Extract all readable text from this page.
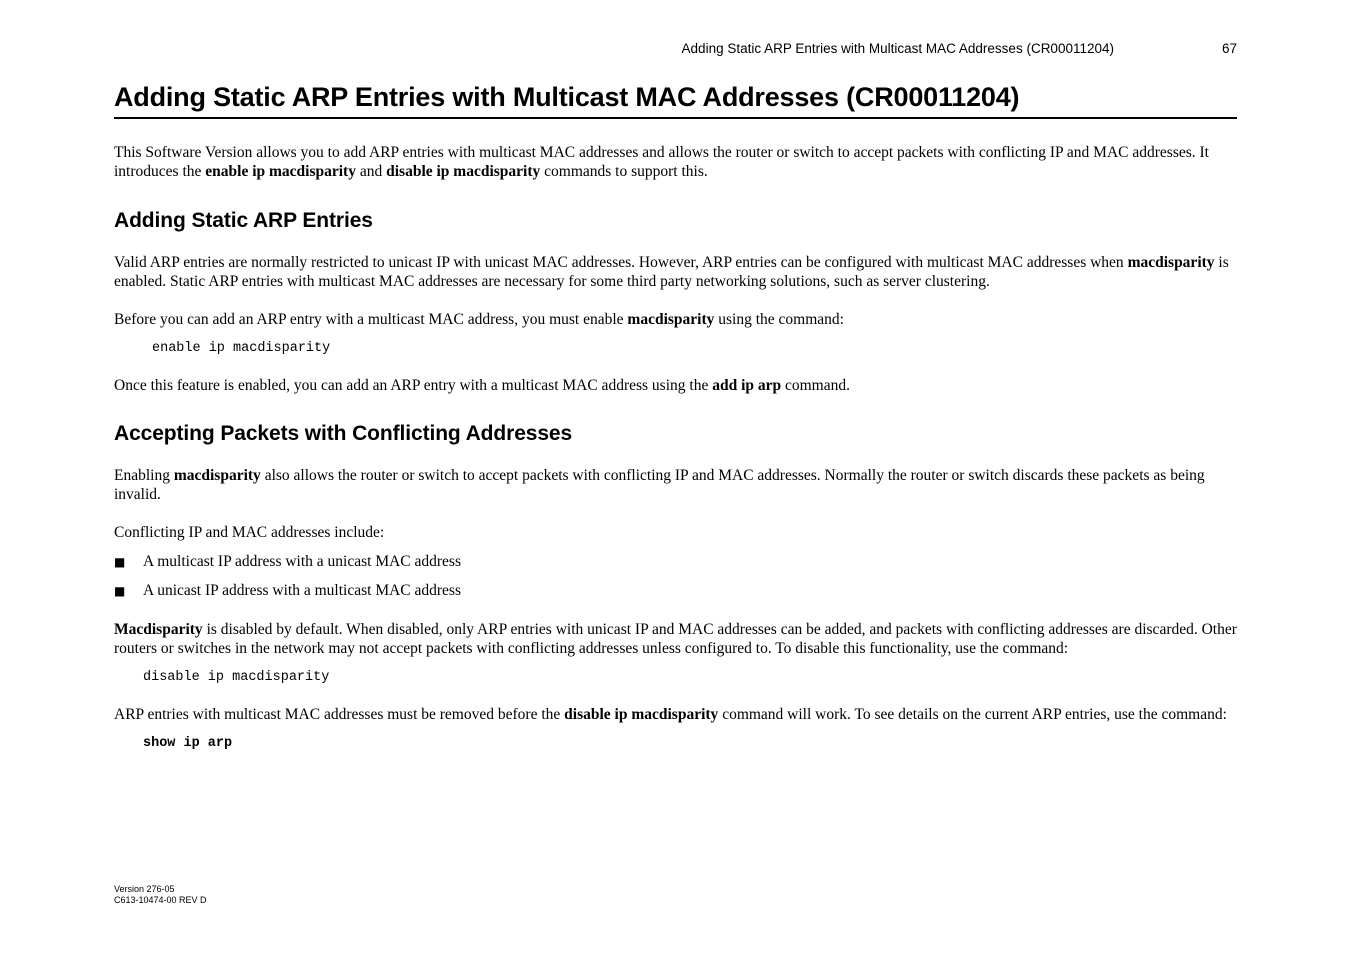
Adding Static ARP Entries with Multicast MAC Addresses (CR00011204)	67
Adding Static ARP Entries with Multicast MAC Addresses (CR00011204)

This Software Version allows you to add ARP entries with multicast MAC addresses and allows the router or switch to accept packets with conflicting IP and MAC addresses. It introduces the enable ip macdisparity and disable ip macdisparity commands to support this.

Adding Static ARP Entries

Valid ARP entries are normally restricted to unicast IP with unicast MAC addresses. However, ARP entries can be configured with multicast MAC addresses when macdisparity is enabled. Static ARP entries with multicast MAC addresses are necessary for some third party networking solutions, such as server clustering.

Before you can add an ARP entry with a multicast MAC address, you must enable macdisparity using the command:

enable ip macdisparity

Once this feature is enabled, you can add an ARP entry with a multicast MAC address using the add ip arp command.

Accepting Packets with Conflicting Addresses

Enabling macdisparity also allows the router or switch to accept packets with conflicting IP and MAC addresses. Normally the router or switch discards these packets as being invalid.

Conflicting IP and MAC addresses include:

■ A multicast IP address with a unicast MAC address
■ A unicast IP address with a multicast MAC address

Macdisparity is disabled by default. When disabled, only ARP entries with unicast IP and MAC addresses can be added, and packets with conflicting addresses are discarded. Other routers or switches in the network may not accept packets with conflicting addresses unless configured to. To disable this functionality, use the command:

disable ip macdisparity

ARP entries with multicast MAC addresses must be removed before the disable ip macdisparity command will work. To see details on the current ARP entries, use the command:

show ip arp
Version 276-05
C613-10474-00 REV D
